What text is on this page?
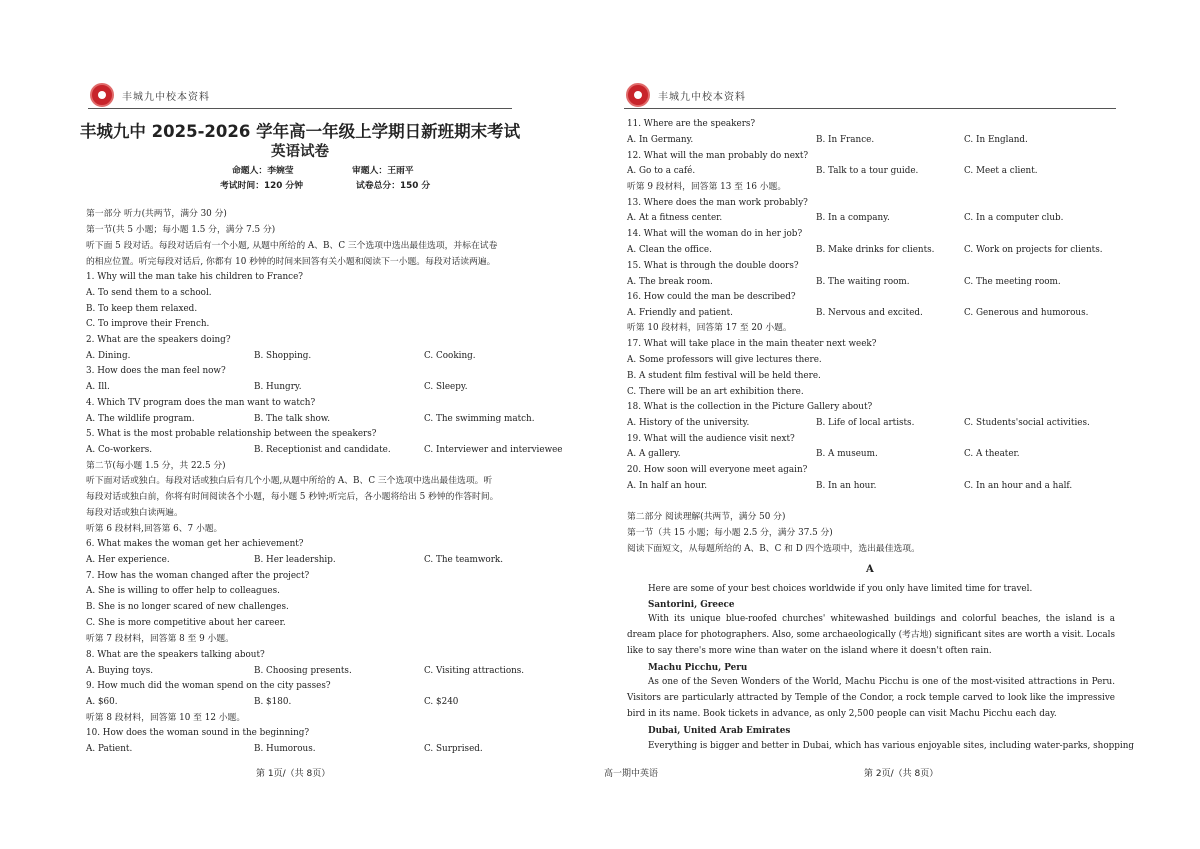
丰城九中校本资料
丰城九中 2025-2026 学年高一年级上学期日新班期末考试
英语试卷
命题人：李婉莹	审题人：王雨平
考试时间：120 分钟	试卷总分：150 分
第一部分 听力(共两节，满分 30 分)
第一节(共 5 小题；每小题 1.5 分，满分 7.5 分)
听下面 5 段对话。每段对话后有一个小题, 从题中所给的 A、B、C 三个选项中选出最佳选项，并标在试卷
的相应位置。听完每段对话后, 你都有 10 秒钟的时间来回答有关小题和阅读下一小题。每段对话读两遍。
1. Why will the man take his children to France?
A. To send them to a school.
B. To keep them relaxed.
C. To improve their French.
2. What are the speakers doing?
A. Dining.	B. Shopping.	C. Cooking.
3. How does the man feel now?
A. Ill.	B. Hungry.	C. Sleepy.
4. Which TV program does the man want to watch?
A. The wildlife program.	B. The talk show.	C. The swimming match.
5. What is the most probable relationship between the speakers?
A. Co-workers.	B. Receptionist and candidate.	C. Interviewer and interviewee
第二节(每小题 1.5 分，共 22.5 分)
听下面对话或独白。每段对话或独白后有几个小题,从题中所给的 A、B、C 三个选项中选出最佳选项。听
每段对话或独白前，你将有时间阅读各个小题，每小题 5 秒钟;听完后，各小题将给出 5 秒钟的作答时间。
每段对话或独白读两遍。
听第 6 段材料,回答第 6、7 小题。
6. What makes the woman get her achievement?
A. Her experience.	B. Her leadership.	C. The teamwork.
7. How has the woman changed after the project?
A. She is willing to offer help to colleagues.
B. She is no longer scared of new challenges.
C. She is more competitive about her career.
听第 7 段材料，回答第 8 至 9 小题。
8. What are the speakers talking about?
A. Buying toys.	B. Choosing presents.	C. Visiting attractions.
9. How much did the woman spend on the city passes?
A. $60.	B. $180.	C. $240
听第 8 段材料，回答第 10 至 12 小题。
10. How does the woman sound in the beginning?
A. Patient.	B. Humorous.	C. Surprised.
第 1页/（共 8页）
丰城九中校本资料
11. Where are the speakers?
A. In Germany.	B. In France.	C. In England.
12. What will the man probably do next?
A. Go to a café.	B. Talk to a tour guide.	C. Meet a client.
听第 9 段材料，回答第 13 至 16 小题。
13. Where does the man work probably?
A. At a fitness center.	B. In a company.	C. In a computer club.
14. What will the woman do in her job?
A. Clean the office.	B. Make drinks for clients.	C. Work on projects for clients.
15. What is through the double doors?
A. The break room.	B. The waiting room.	C. The meeting room.
16. How could the man be described?
A. Friendly and patient.	B. Nervous and excited.	C. Generous and humorous.
听第 10 段材料，回答第 17 至 20 小题。
17. What will take place in the main theater next week?
A. Some professors will give lectures there.
B. A student film festival will be held there.
C. There will be an art exhibition there.
18. What is the collection in the Picture Gallery about?
A. History of the university.	B. Life of local artists.	C. Students'social activities.
19. What will the audience visit next?
A. A gallery.	B. A museum.	C. A theater.
20. How soon will everyone meet again?
A. In half an hour.	B. In an hour.	C. In an hour and a half.
第二部分 阅读理解(共两节，满分 50 分)
第一节（共 15 小题；每小题 2.5 分，满分 37.5 分)
阅读下面短文，从每题所给的 A、B、C 和 D 四个选项中，选出最佳选项。
A
Here are some of your best choices worldwide if you only have limited time for travel.
Santorini, Greece
With its unique blue-roofed churches' whitewashed buildings and colorful beaches, the island is a dream place for photographers. Also, some archaeologically (考古地) significant sites are worth a visit. Locals like to say there's more wine than water on the island where it doesn't often rain.
Machu Picchu, Peru
As one of the Seven Wonders of the World, Machu Picchu is one of the most-visited attractions in Peru. Visitors are particularly attracted by Temple of the Condor, a rock temple carved to look like the impressive bird in its name. Book tickets in advance, as only 2,500 people can visit Machu Picchu each day.
Dubai, United Arab Emirates
Everything is bigger and better in Dubai, which has various enjoyable sites, including water-parks, shopping
高一期中英语	第 2页/（共 8页）
